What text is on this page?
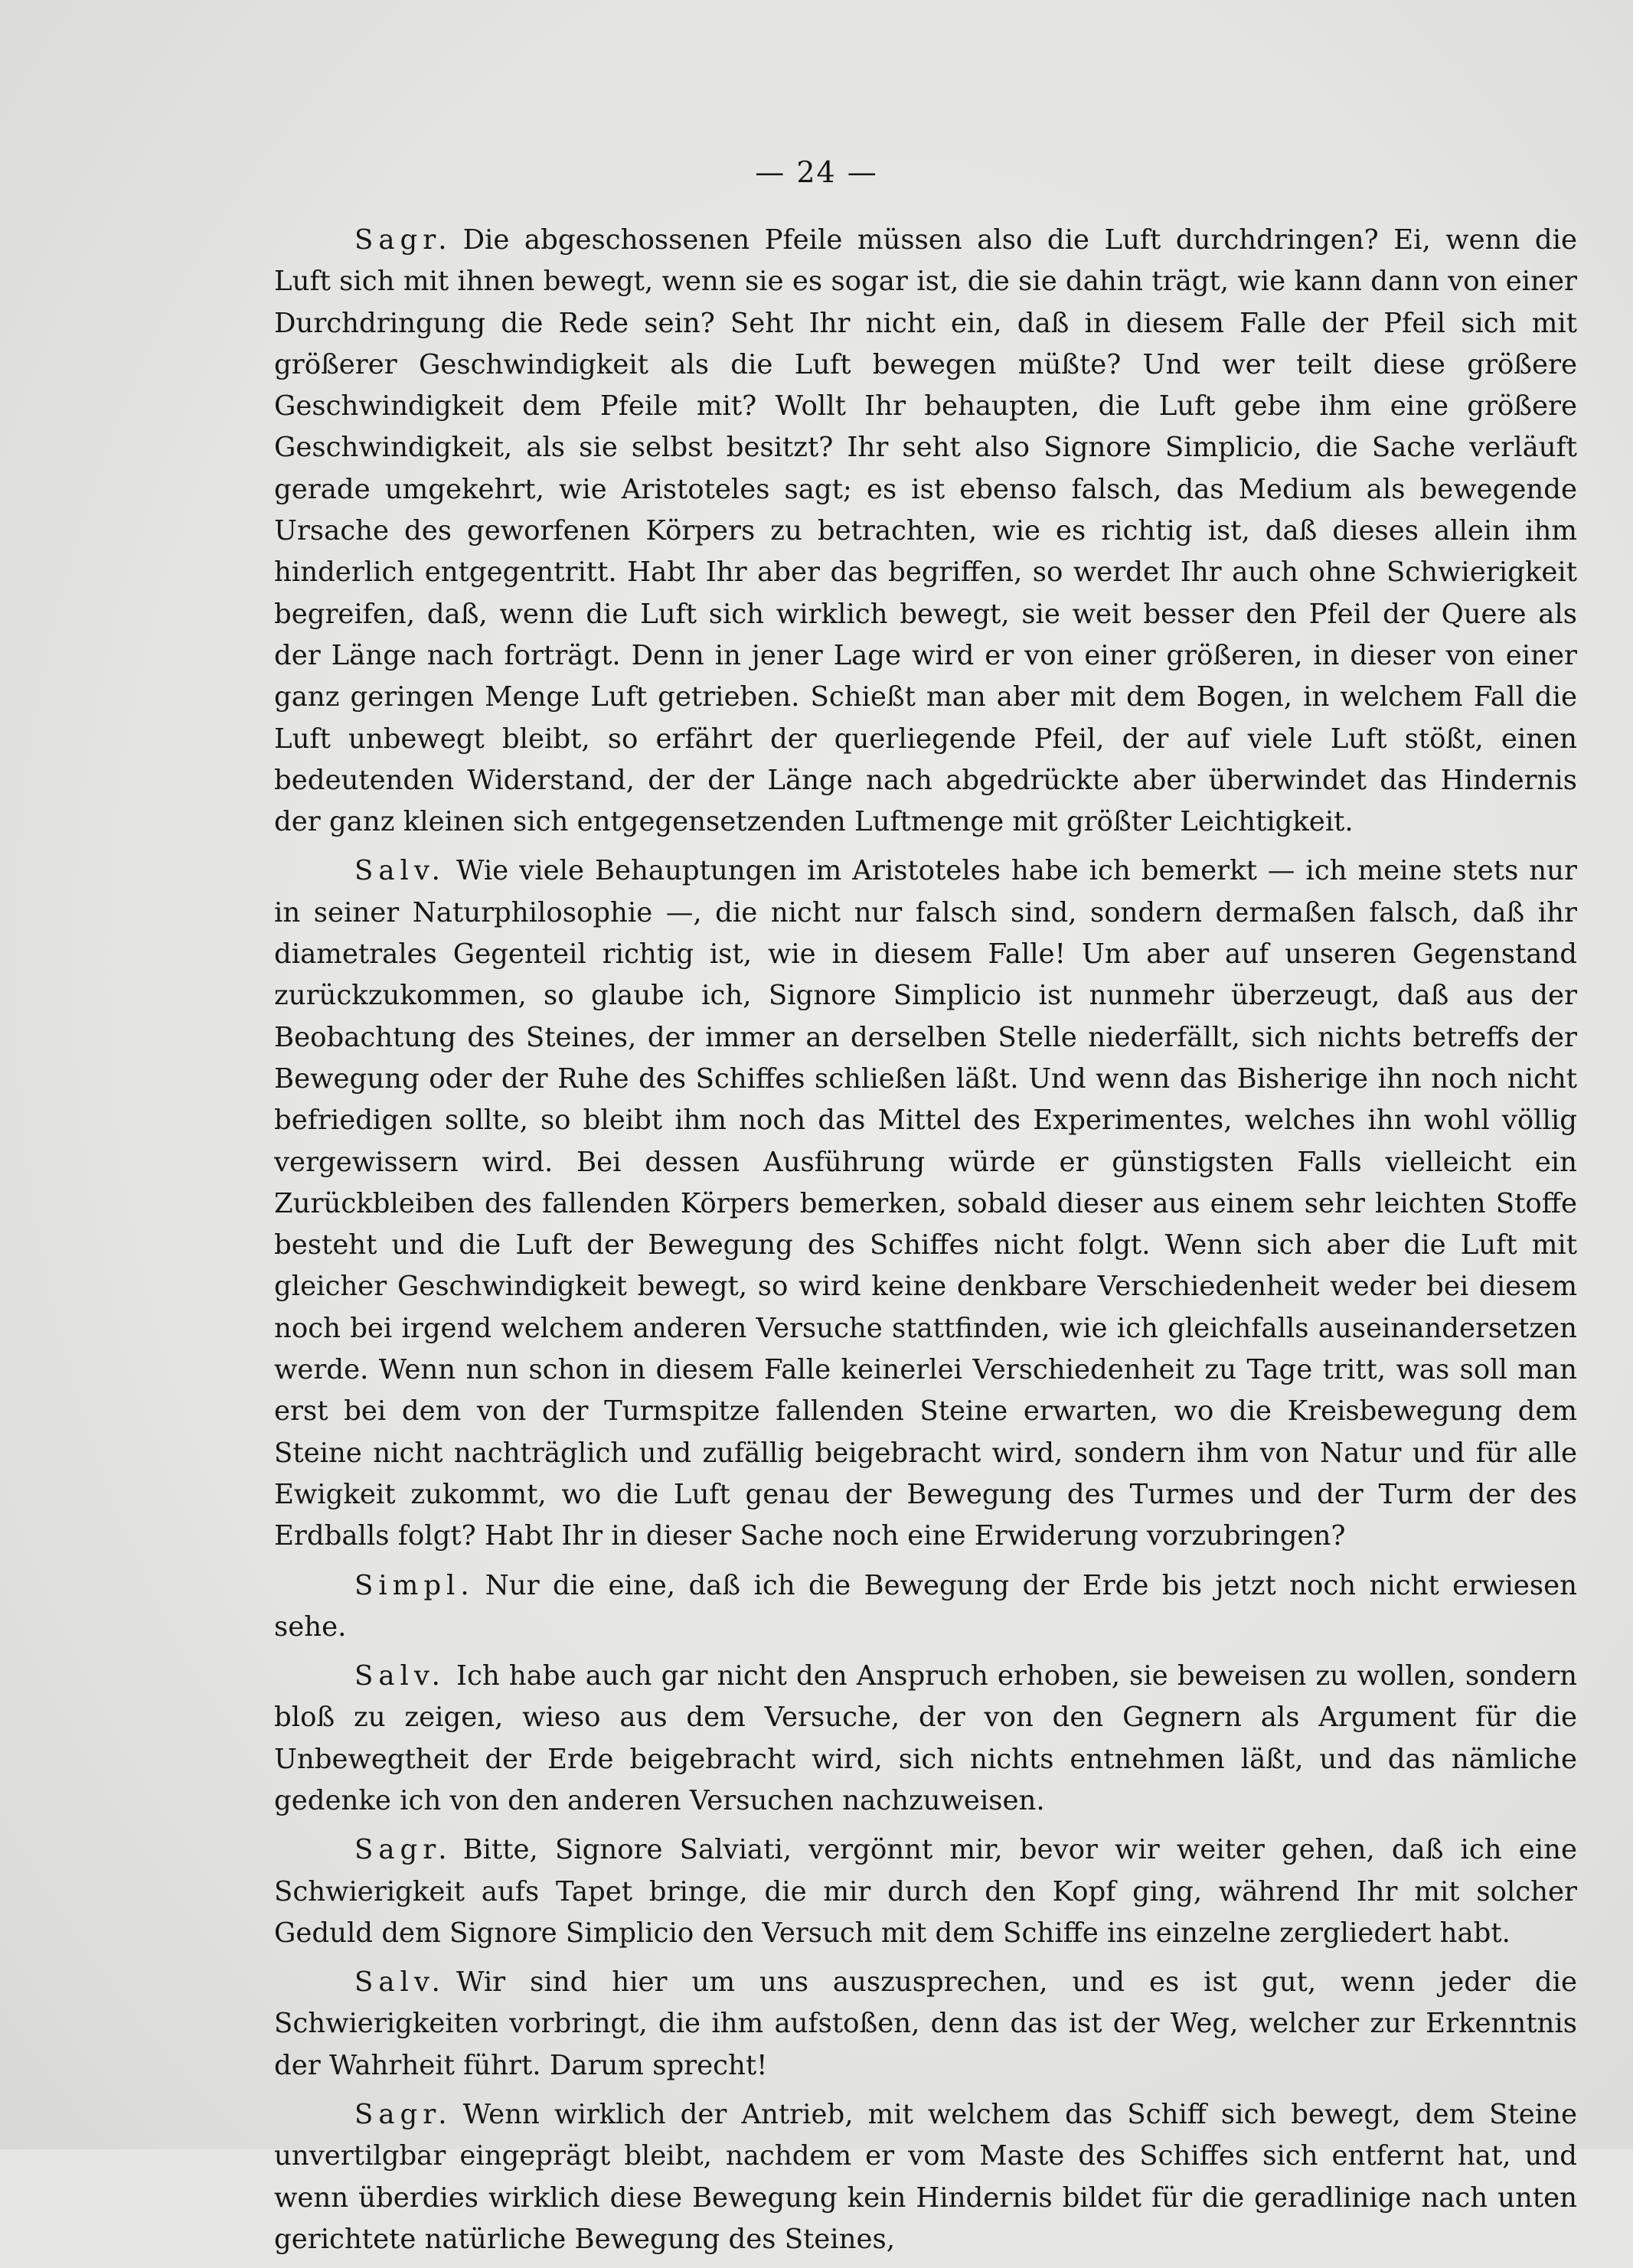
— 24 —

Sagr. Die abgeschossenen Pfeile müssen also die Luft durchdringen? Ei, wenn die Luft sich mit ihnen bewegt, wenn sie es sogar ist, die sie dahin trägt, wie kann dann von einer Durchdringung die Rede sein? Seht Ihr nicht ein, daß in diesem Falle der Pfeil sich mit größerer Geschwindigkeit als die Luft bewegen müßte? Und wer teilt diese größere Geschwindigkeit dem Pfeile mit? Wollt Ihr behaupten, die Luft gebe ihm eine größere Geschwindigkeit, als sie selbst besitzt? Ihr seht also Signore Simplicio, die Sache verläuft gerade umgekehrt, wie Aristoteles sagt; es ist ebenso falsch, das Medium als bewegende Ursache des geworfenen Körpers zu betrachten, wie es richtig ist, daß dieses allein ihm hinderlich entgegentritt. Habt Ihr aber das begriffen, so werdet Ihr auch ohne Schwierigkeit begreifen, daß, wenn die Luft sich wirklich bewegt, sie weit besser den Pfeil der Quere als der Länge nach forträgt. Denn in jener Lage wird er von einer größeren, in dieser von einer ganz geringen Menge Luft getrieben. Schießt man aber mit dem Bogen, in welchem Fall die Luft unbewegt bleibt, so erfährt der querliegende Pfeil, der auf viele Luft stößt, einen bedeutenden Widerstand, der der Länge nach abgedrückte aber überwindet das Hindernis der ganz kleinen sich entgegensetzenden Luftmenge mit größter Leichtigkeit.

Salv. Wie viele Behauptungen im Aristoteles habe ich bemerkt — ich meine stets nur in seiner Naturphilosophie —, die nicht nur falsch sind, sondern dermaßen falsch, daß ihr diametrales Gegenteil richtig ist, wie in diesem Falle! Um aber auf unseren Gegenstand zurückzukommen, so glaube ich, Signore Simplicio ist nunmehr überzeugt, daß aus der Beobachtung des Steines, der immer an derselben Stelle niederfällt, sich nichts betreffs der Bewegung oder der Ruhe des Schiffes schließen läßt. Und wenn das Bisherige ihn noch nicht befriedigen sollte, so bleibt ihm noch das Mittel des Experimentes, welches ihn wohl völlig vergewissern wird. Bei dessen Ausführung würde er günstigsten Falls vielleicht ein Zurückbleiben des fallenden Körpers bemerken, sobald dieser aus einem sehr leichten Stoffe besteht und die Luft der Bewegung des Schiffes nicht folgt. Wenn sich aber die Luft mit gleicher Geschwindigkeit bewegt, so wird keine denkbare Verschiedenheit weder bei diesem noch bei irgend welchem anderen Versuche stattfinden, wie ich gleichfalls auseinandersetzen werde. Wenn nun schon in diesem Falle keinerlei Verschiedenheit zu Tage tritt, was soll man erst bei dem von der Turmspitze fallenden Steine erwarten, wo die Kreisbewegung dem Steine nicht nachträglich und zufällig beigebracht wird, sondern ihm von Natur und für alle Ewigkeit zukommt, wo die Luft genau der Bewegung des Turmes und der Turm der des Erdballs folgt? Habt Ihr in dieser Sache noch eine Erwiderung vorzubringen?

Simpl. Nur die eine, daß ich die Bewegung der Erde bis jetzt noch nicht erwiesen sehe.

Salv. Ich habe auch gar nicht den Anspruch erhoben, sie beweisen zu wollen, sondern bloß zu zeigen, wieso aus dem Versuche, der von den Gegnern als Argument für die Unbewegtheit der Erde beigebracht wird, sich nichts entnehmen läßt, und das nämliche gedenke ich von den anderen Versuchen nachzuweisen.

Sagr. Bitte, Signore Salviati, vergönnt mir, bevor wir weiter gehen, daß ich eine Schwierigkeit aufs Tapet bringe, die mir durch den Kopf ging, während Ihr mit solcher Geduld dem Signore Simplicio den Versuch mit dem Schiffe ins einzelne zergliedert habt.

Salv. Wir sind hier um uns auszusprechen, und es ist gut, wenn jeder die Schwierigkeiten vorbringt, die ihm aufstoßen, denn das ist der Weg, welcher zur Erkenntnis der Wahrheit führt. Darum sprecht!

Sagr. Wenn wirklich der Antrieb, mit welchem das Schiff sich bewegt, dem Steine unvertilgbar eingeprägt bleibt, nachdem er vom Maste des Schiffes sich entfernt hat, und wenn überdies wirklich diese Bewegung kein Hindernis bildet für die geradlinige nach unten gerichtete natürliche Bewegung des Steines,
